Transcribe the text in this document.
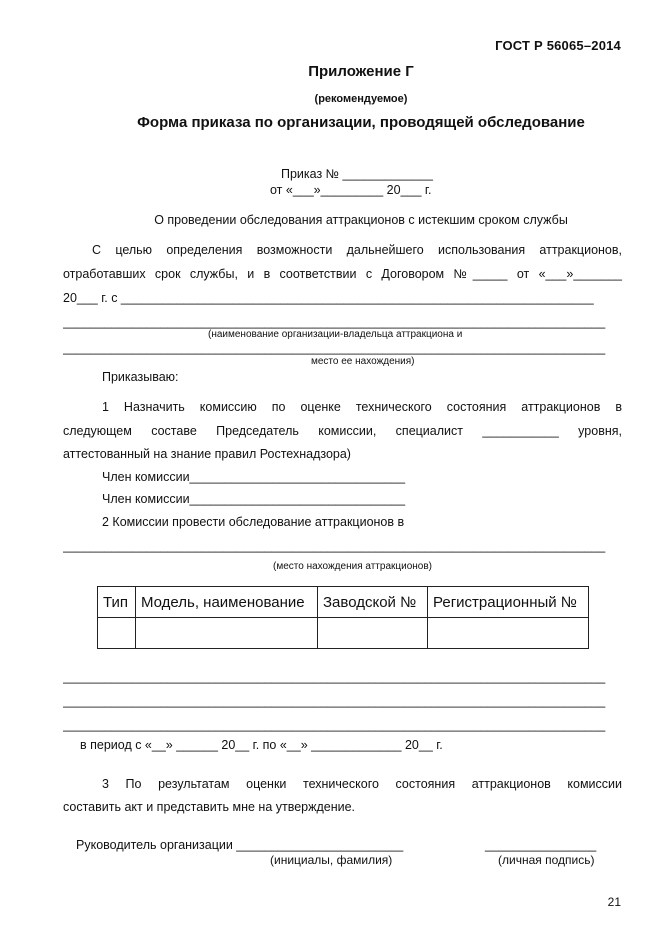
ГОСТ Р 56065–2014
Приложение Г
(рекомендуемое)
Форма приказа по организации, проводящей обследование
Приказ № _____________
от «___»_________ 20___ г.
О проведении обследования аттракционов с истекшим сроком службы
С целью определения возможности дальнейшего использования аттракционов,
отработавших срок службы, и в соответствии с Договором №_____ от «___»_______
20___ г. с ____________________________________________________________________
______________________________________________________________________________
(наименование организации-владельца аттракциона и
______________________________________________________________________________
место ее нахождения)
Приказываю:
1 Назначить комиссию по оценке технического состояния аттракционов в
следующем составе Председатель комиссии, специалист ___________ уровня,
аттестованный на знание правил Ростехнадзора)
Член комиссии_______________________________
Член комиссии_______________________________
2 Комиссии провести обследование аттракционов в
______________________________________________________________________________
(место нахождения аттракционов)
Тип	Модель, наименование	Заводской №	Регистрационный №

______________________________________________________________________________
______________________________________________________________________________
______________________________________________________________________________
в период с «__» ______ 20__ г. по «__» _____________ 20__ г.
3 По результатам оценки технического состояния аттракционов комиссии
составить акт и представить мне на утверждение.
Руководитель организации ________________________	________________
(инициалы, фамилия)	(личная подпись)
21
